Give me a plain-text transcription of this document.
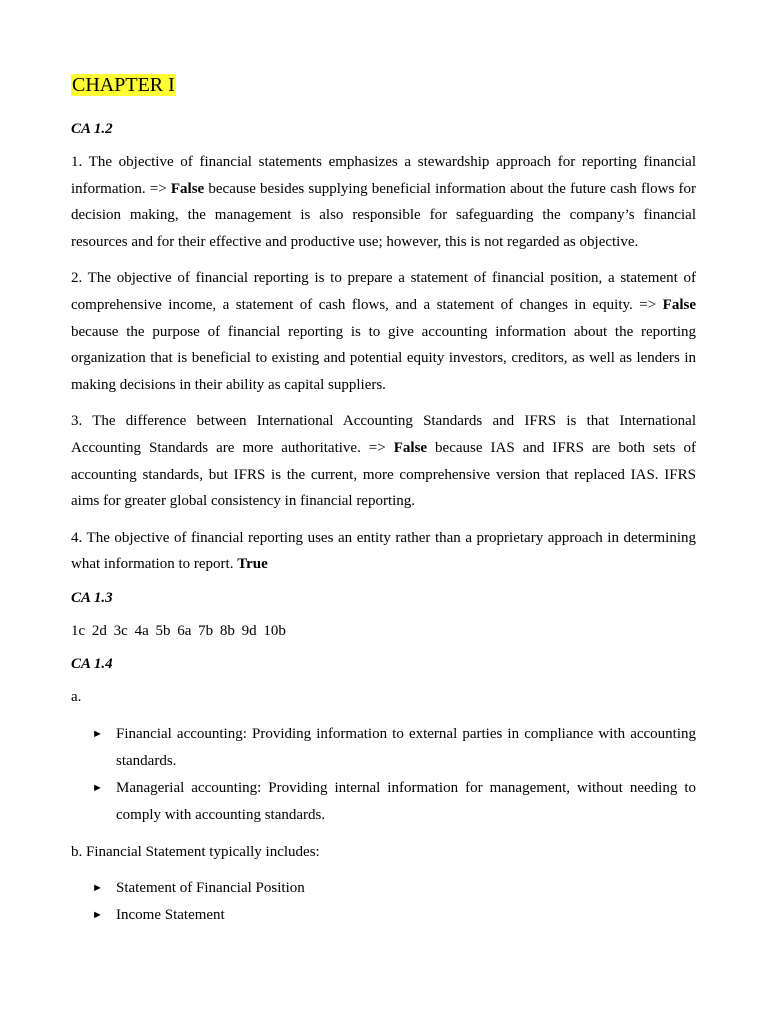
CHAPTER I
CA 1.2

1. The objective of financial statements emphasizes a stewardship approach for reporting financial information. => False because besides supplying beneficial information about the future cash flows for decision making, the management is also responsible for safeguarding the company’s financial resources and for their effective and productive use; however, this is not regarded as objective.

2. The objective of financial reporting is to prepare a statement of financial position, a statement of comprehensive income, a statement of cash flows, and a statement of changes in equity. => False because the purpose of financial reporting is to give accounting information about the reporting organization that is beneficial to existing and potential equity investors, creditors, as well as lenders in making decisions in their ability as capital suppliers.

3. The difference between International Accounting Standards and IFRS is that International Accounting Standards are more authoritative. => False because IAS and IFRS are both sets of accounting standards, but IFRS is the current, more comprehensive version that replaced IAS. IFRS aims for greater global consistency in financial reporting.

4. The objective of financial reporting uses an entity rather than a proprietary approach in determining what information to report. True

CA 1.3
1c 2d 3c 4a 5b 6a 7b 8b 9d 10b
CA 1.4

a.

► Financial accounting: Providing information to external parties in compliance with accounting standards.
► Managerial accounting: Providing internal information for management, without needing to comply with accounting standards.

b. Financial Statement typically includes:

► Statement of Financial Position
► Income Statement
